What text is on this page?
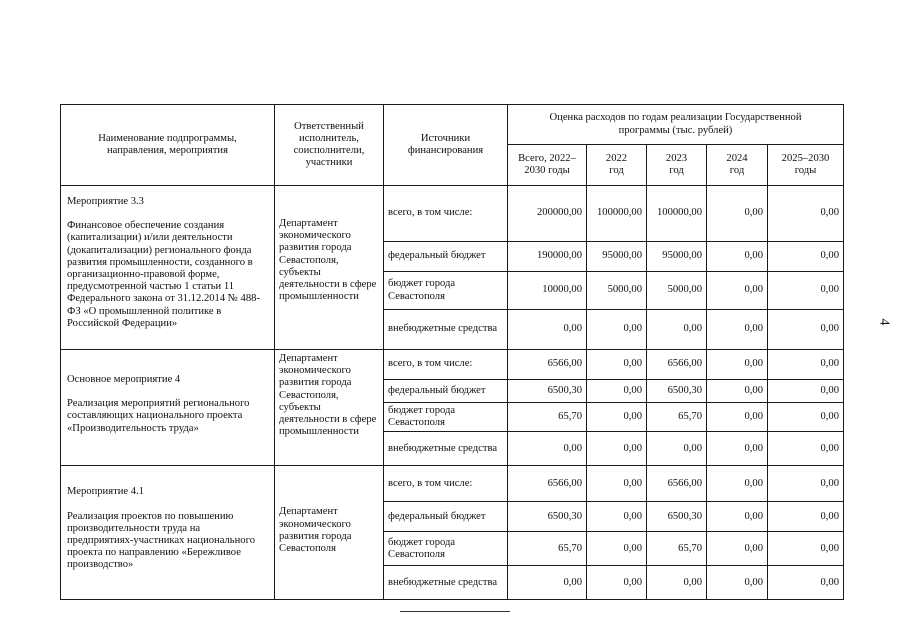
Наименование подпрограммы, направления, мероприятия	Ответственный исполнитель, соисполнители, участники	Источники финансирования	Оценка расходов по годам реализации Государственной программы (тыс. рублей)				
			Всего, 2022–2030 годы	2022 год	2023 год	2024 год	2025–2030 годы

Мероприятие 3.3
Финансовое обеспечение создания (капитализации) и/или деятельности (докапитализации) регионального фонда развития промышленности, созданного в организационно-правовой форме, предусмотренной частью 1 статьи 11 Федерального закона от 31.12.2014 № 488-ФЗ «О промышленной политике в Российской Федерации»	Департамент экономического развития города Севастополя, субъекты деятельности в сфере промышленности	всего, в том числе:	200000,00	100000,00	100000,00	0,00	0,00
		федеральный бюджет	190000,00	95000,00	95000,00	0,00	0,00
		бюджет города Севастополя	10000,00	5000,00	5000,00	0,00	0,00
		внебюджетные средства	0,00	0,00	0,00	0,00	0,00

Основное мероприятие 4
Реализация мероприятий регионального составляющих национального проекта «Производительность труда»	Департамент экономического развития города Севастополя, субъекты деятельности в сфере промышленности	всего, в том числе:	6566,00	0,00	6566,00	0,00	0,00
		федеральный бюджет	6500,30	0,00	6500,30	0,00	0,00
		бюджет города Севастополя	65,70	0,00	65,70	0,00	0,00
		внебюджетные средства	0,00	0,00	0,00	0,00	0,00

Мероприятие 4.1
Реализация проектов по повышению производительности труда на предприятиях-участниках национального проекта по направлению «Бережливое производство»	Департамент экономического развития города Севастополя	всего, в том числе:	6566,00	0,00	6566,00	0,00	0,00
		федеральный бюджет	6500,30	0,00	6500,30	0,00	0,00
		бюджет города Севастополя	65,70	0,00	65,70	0,00	0,00
		внебюджетные средства	0,00	0,00	0,00	0,00	0,00
4
